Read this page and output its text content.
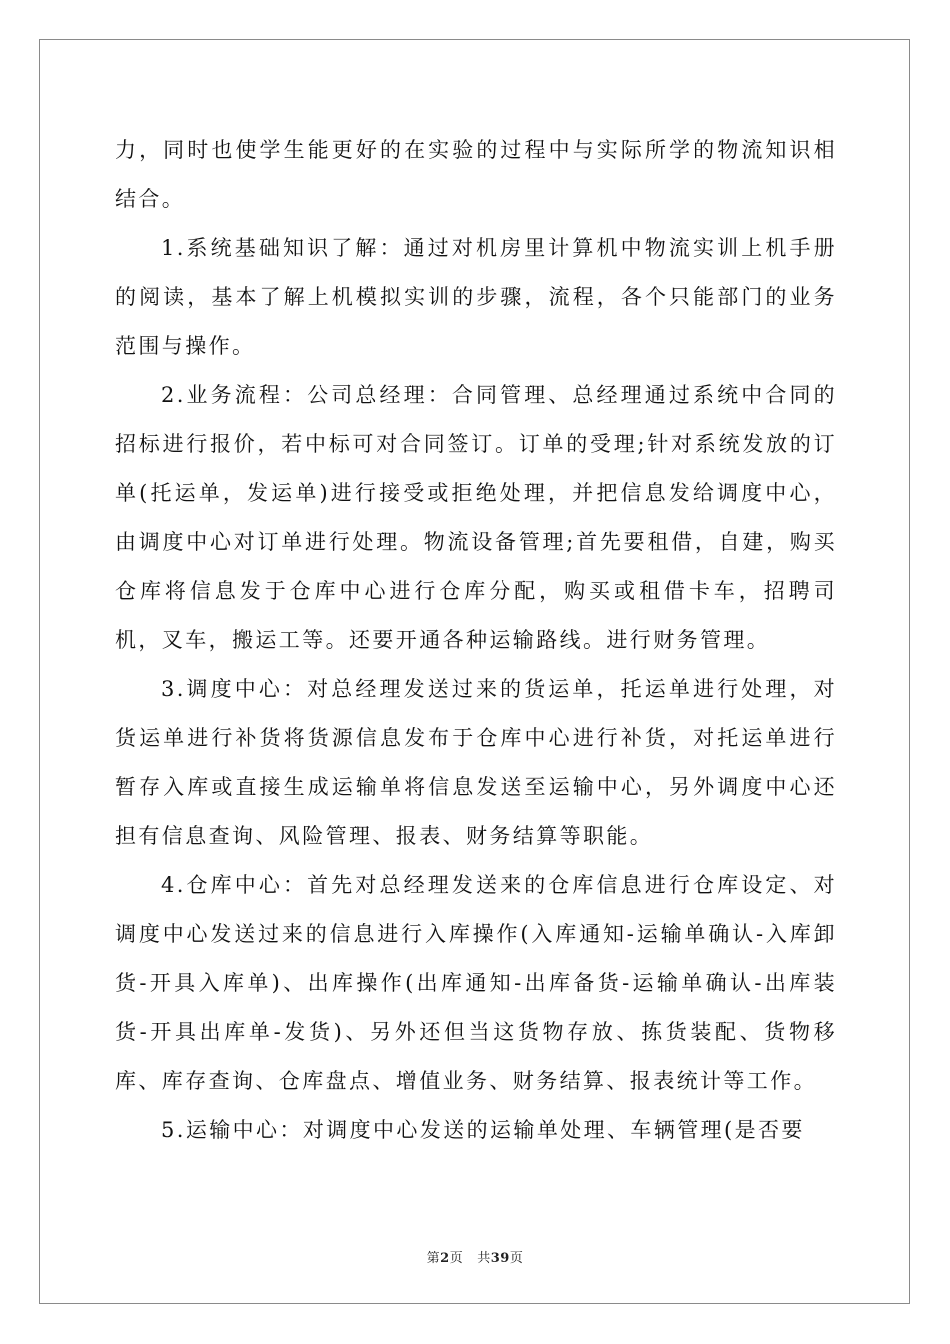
力，同时也使学生能更好的在实验的过程中与实际所学的物流知识相结合。

1.系统基础知识了解：通过对机房里计算机中物流实训上机手册的阅读，基本了解上机模拟实训的步骤，流程，各个只能部门的业务范围与操作。

2.业务流程：公司总经理：合同管理、总经理通过系统中合同的招标进行报价，若中标可对合同签订。订单的受理;针对系统发放的订单(托运单，发运单)进行接受或拒绝处理，并把信息发给调度中心，由调度中心对订单进行处理。物流设备管理;首先要租借，自建，购买仓库将信息发于仓库中心进行仓库分配，购买或租借卡车，招聘司机，叉车，搬运工等。还要开通各种运输路线。进行财务管理。

3.调度中心：对总经理发送过来的货运单，托运单进行处理，对货运单进行补货将货源信息发布于仓库中心进行补货，对托运单进行暂存入库或直接生成运输单将信息发送至运输中心，另外调度中心还担有信息查询、风险管理、报表、财务结算等职能。

4.仓库中心：首先对总经理发送来的仓库信息进行仓库设定、对调度中心发送过来的信息进行入库操作(入库通知-运输单确认-入库卸货-开具入库单)、出库操作(出库通知-出库备货-运输单确认-出库装货-开具出库单-发货)、另外还但当这货物存放、拣货装配、货物移库、库存查询、仓库盘点、增值业务、财务结算、报表统计等工作。

5.运输中心：对调度中心发送的运输单处理、车辆管理(是否要

第2页 共39页
